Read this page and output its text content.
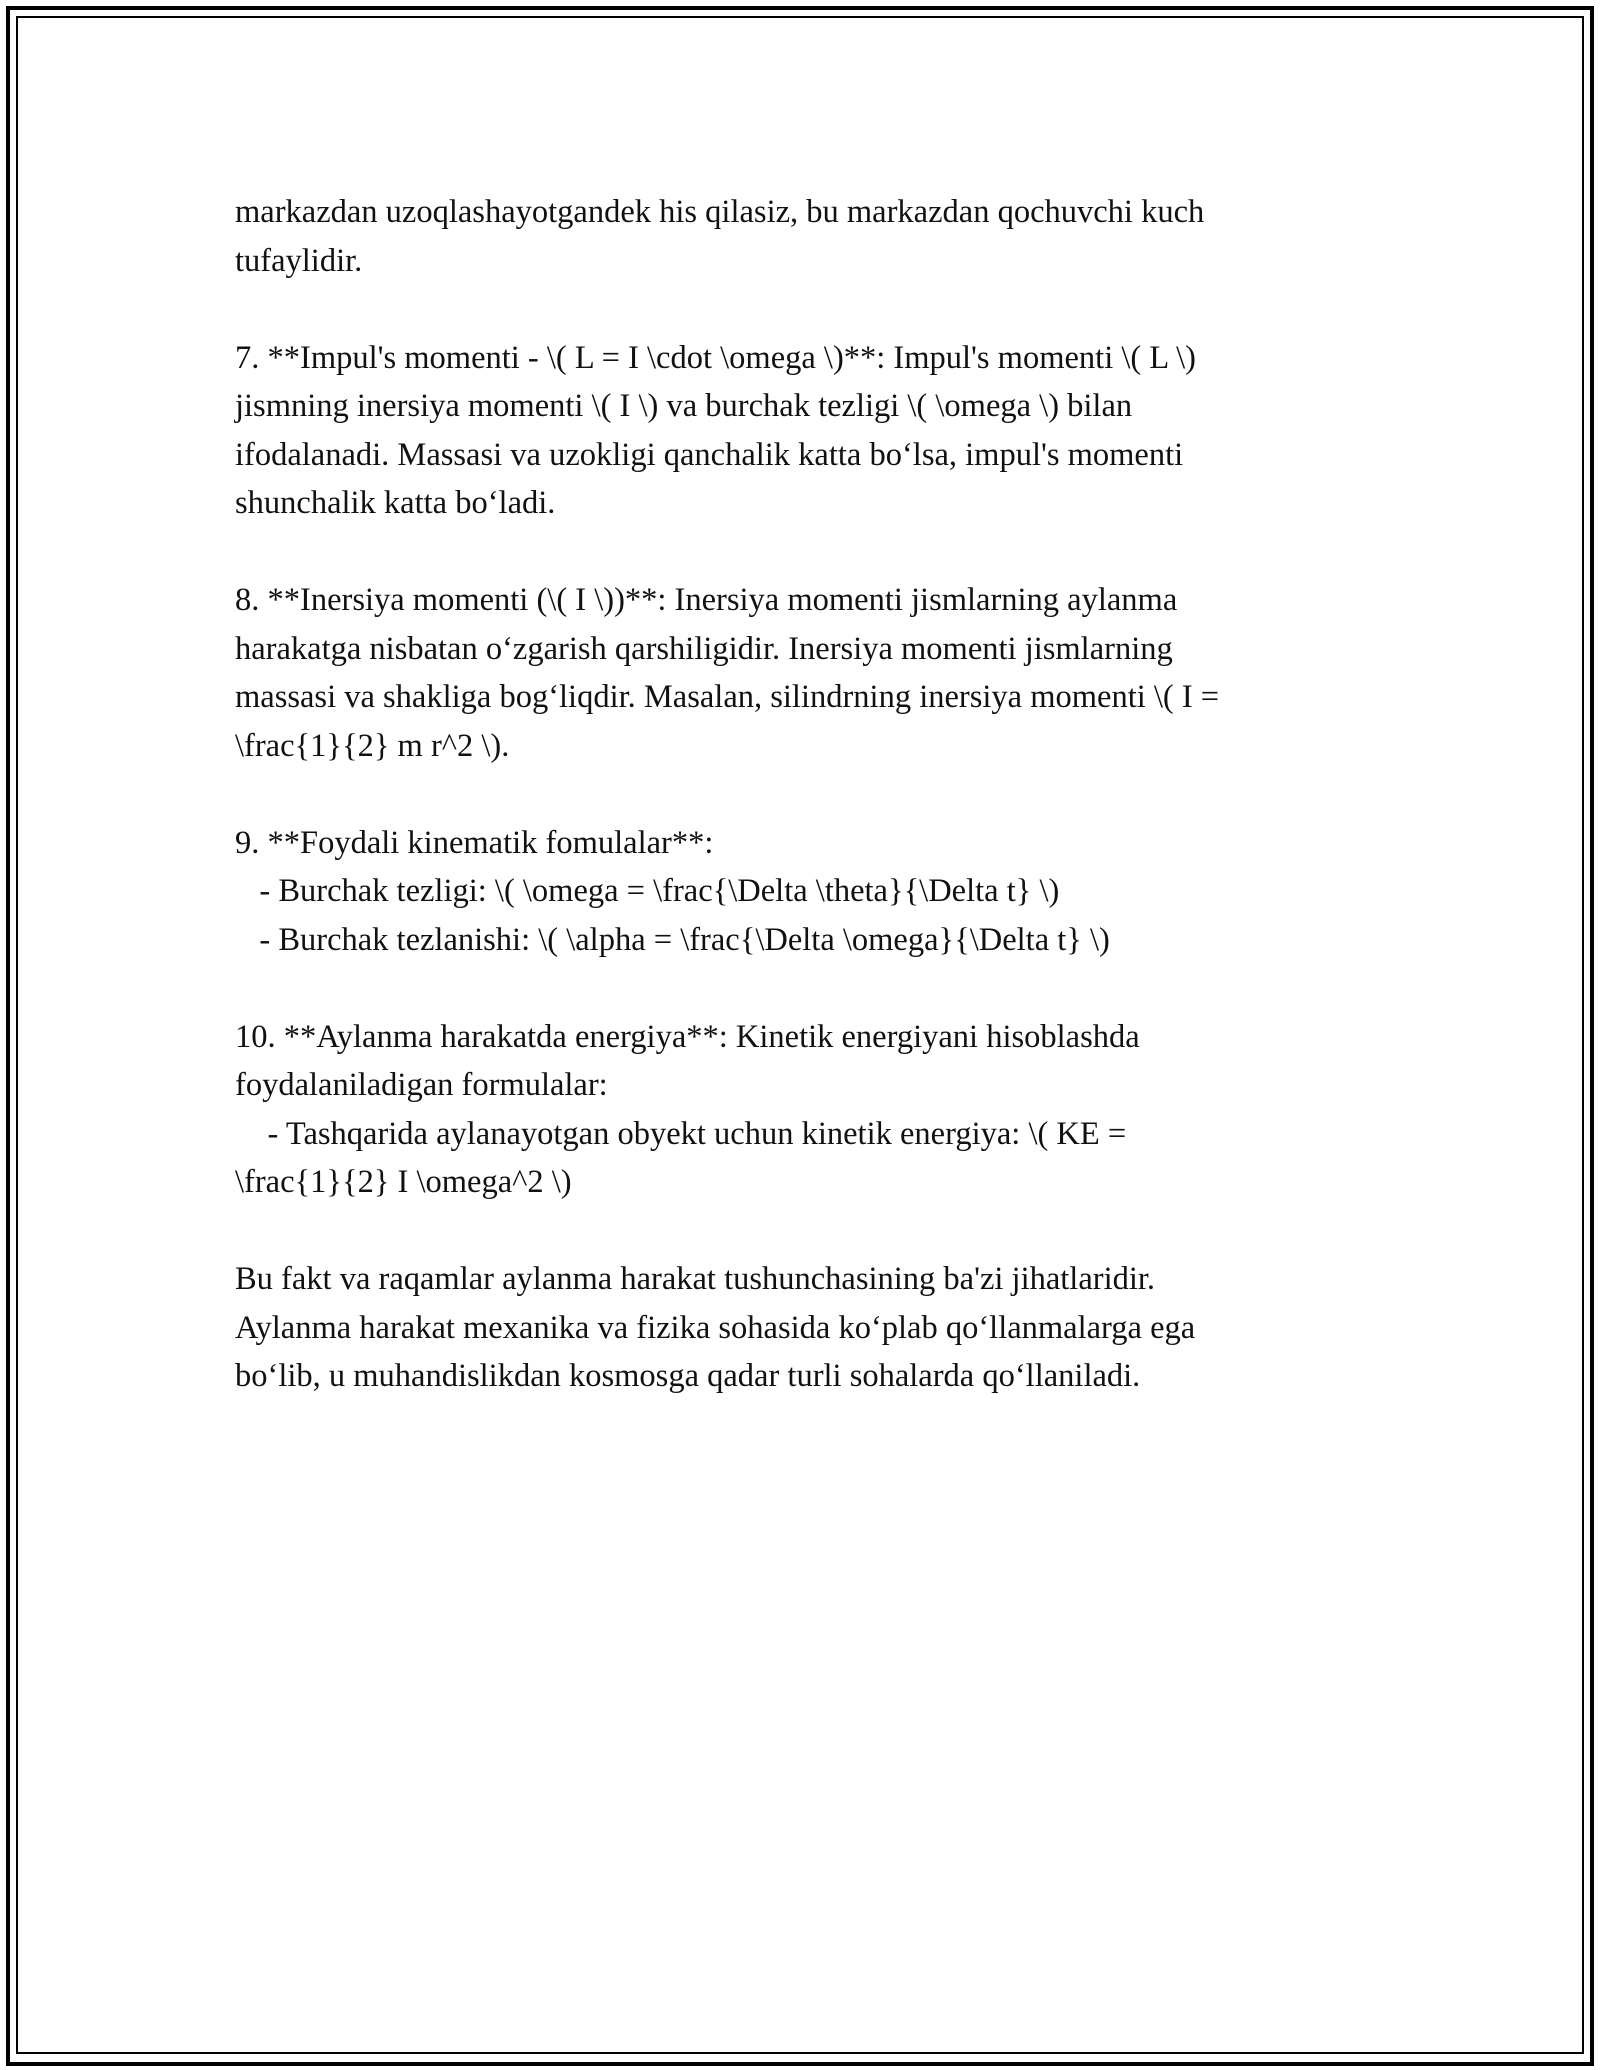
markazdan uzoqlashayotgandek his qilasiz, bu markazdan qochuvchi kuch
tufaylidir.

7. **Impul's momenti - \( L = I \cdot \omega \)**: Impul's momenti \( L \)
jismning inersiya momenti \( I \) va burchak tezligi \( \omega \) bilan
ifodalanadi. Massasi va uzokligi qanchalik katta bo‘lsa, impul's momenti
shunchalik katta bo‘ladi.

8. **Inersiya momenti (\( I \))**: Inersiya momenti jismlarning aylanma
harakatga nisbatan o‘zgarish qarshiligidir. Inersiya momenti jismlarning
massasi va shakliga bog‘liqdir. Masalan, silindrning inersiya momenti \( I =
\frac{1}{2} m r^2 \).

9. **Foydali kinematik fomulalar**:
- Burchak tezligi: \( \omega = \frac{\Delta \theta}{\Delta t} \)
- Burchak tezlanishi: \( \alpha = \frac{\Delta \omega}{\Delta t} \)

10. **Aylanma harakatda energiya**: Kinetik energiyani hisoblashda
foydalaniladigan formulalar:
- Tashqarida aylanayotgan obyekt uchun kinetik energiya: \( KE =
\frac{1}{2} I \omega^2 \)

Bu fakt va raqamlar aylanma harakat tushunchasining ba'zi jihatlaridir.
Aylanma harakat mexanika va fizika sohasida ko‘plab qo‘llanmalarga ega
bo‘lib, u muhandislikdan kosmosga qadar turli sohalarda qo‘llaniladi.
